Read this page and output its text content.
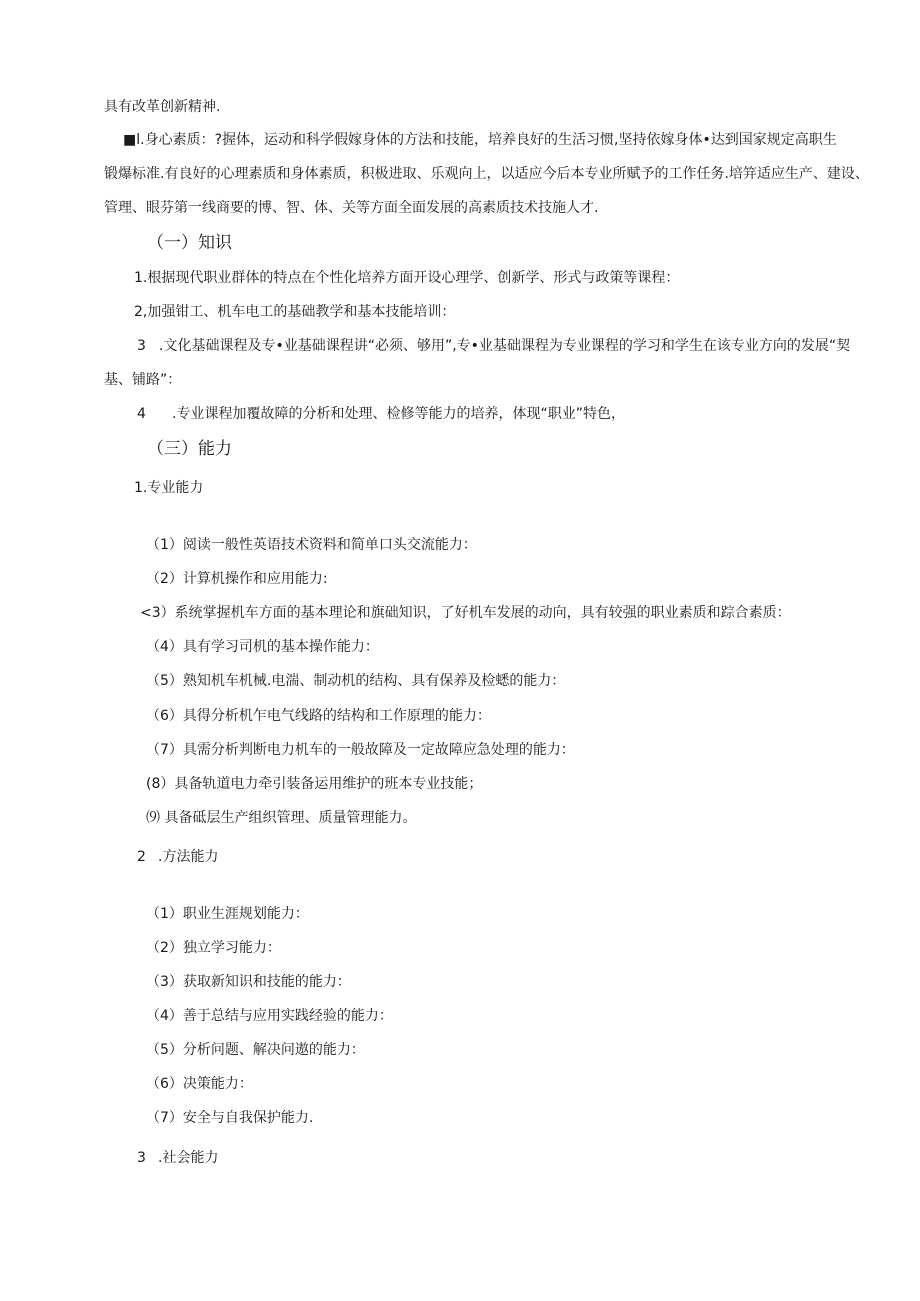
具有改革创新精神.
■l.身心素质：?握体，运动和科学假嫁身体的方法和技能，培养良好的生活习惯,坚持依嫁身体•达到国家规定高职生
锻爆标准.有良好的心理素质和身体素质，积极进取、乐观向上，以适应今后本专业所赋予的工作任务.培笄适应生产、建设、
管理、眼芬第一线商要的博、智、体、关等方面全面发展的高素质技术技施人才.
（一）知识
1.根据现代职业群体的特点在个性化培养方面开设心理学、创新学、形式与政策等课程：
2,加强钳工、机车电工的基础教学和基本技能培训：
3 .文化基础课程及专•业基础课程讲“必须、够用”,专•业基础课程为专业课程的学习和学生在该专业方向的发展“契
基、铺路”：
4 .专业课程加覆故障的分析和处理、检修等能力的培养，体现“职业”特色，
（三）能力
1.专业能力
（1）阅读一般性英语技术资料和简单口头交流能力：
（2）计算机操作和应用能力:
<3）系统掌握机车方面的基本理论和旗础知识，了好机车发展的动向，具有较强的职业素质和踪合素质：
（4）具有学习司机的基本操作能力：
（5）熟知机车机械.电湍、制动机的结构、具有保养及检蟋的能力：
（6）具得分析机乍电气线路的结构和工作原理的能力：
（7）具需分析判断电力机车的一般故障及一定故障应急处理的能力：
(8）具备轨道电力牵引装备运用维护的班本专业技能；
⑼ 具备砥层生产组织管理、质量管理能力。
2 .方法能力
（1）职业生涯规划能力：
（2）独立学习能力：
（3）获取新知识和技能的能力：
（4）善于总结与应用实践经验的能力：
（5）分析问题、解决问遨的能力：
（6）决策能力：
（7）安全与自我保护能力.
3 .社会能力
